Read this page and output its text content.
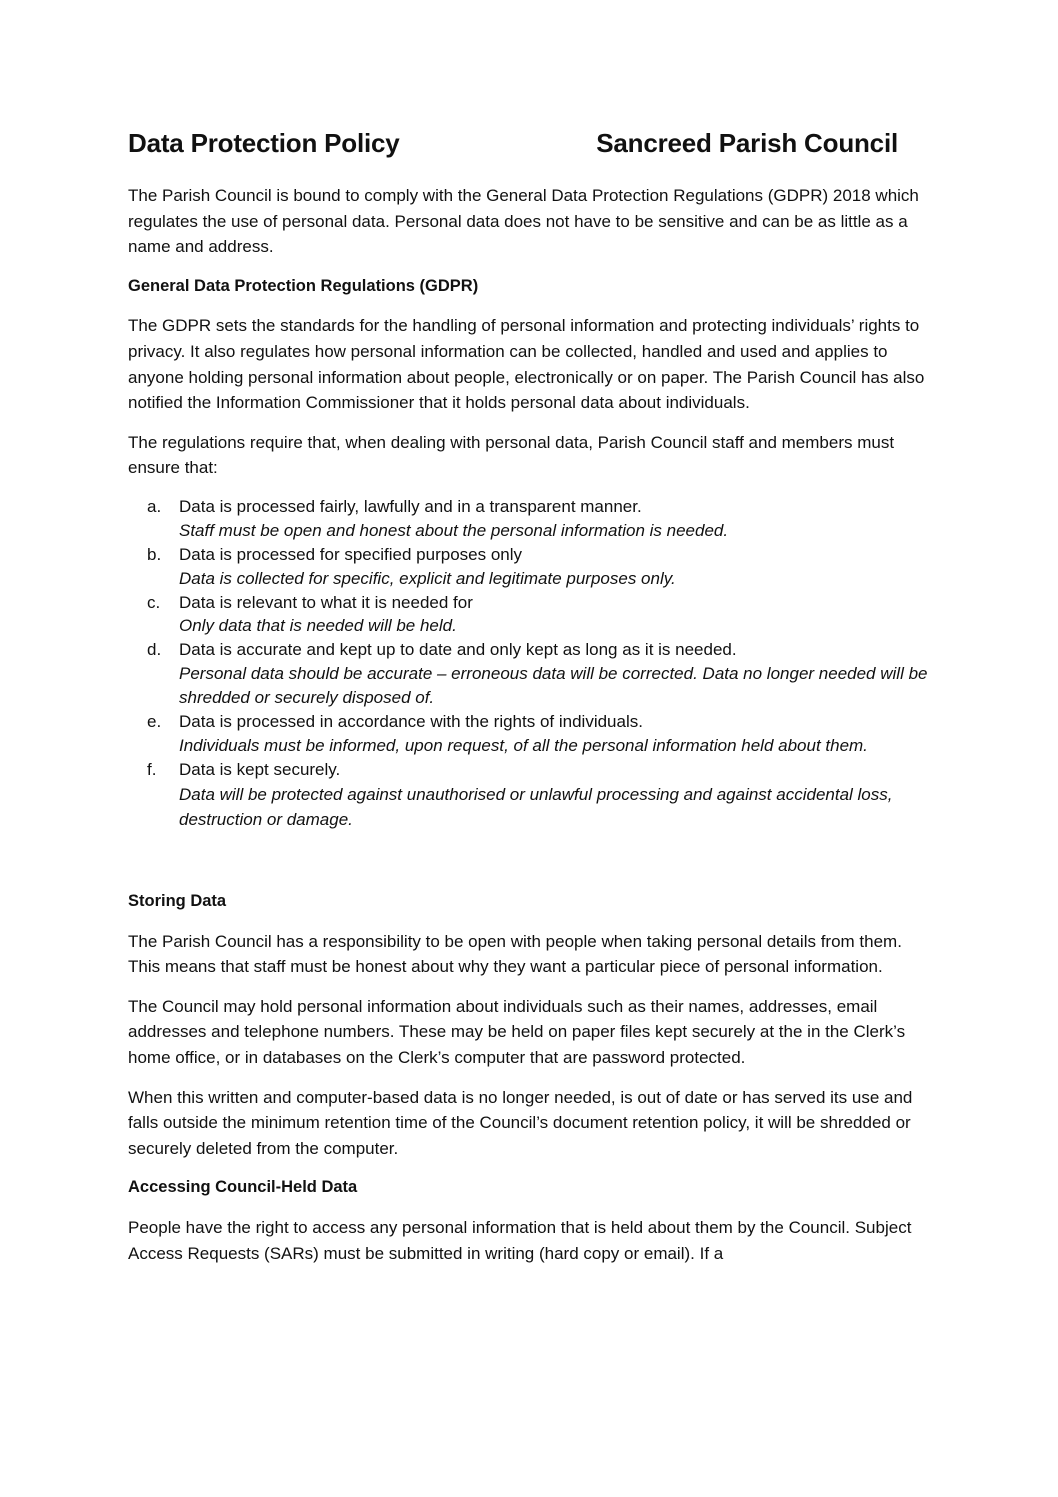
Data Protection Policy	Sancreed Parish Council

The Parish Council is bound to comply with the General Data Protection Regulations (GDPR) 2018 which regulates the use of personal data. Personal data does not have to be sensitive and can be as little as a name and address.

General Data Protection Regulations (GDPR)

The GDPR sets the standards for the handling of personal information and protecting individuals’ rights to privacy. It also regulates how personal information can be collected, handled and used and applies to anyone holding personal information about people, electronically or on paper. The Parish Council has also notified the Information Commissioner that it holds personal data about individuals.

The regulations require that, when dealing with personal data, Parish Council staff and members must ensure that:

a. Data is processed fairly, lawfully and in a transparent manner.
Staff must be open and honest about the personal information is needed.
b. Data is processed for specified purposes only
Data is collected for specific, explicit and legitimate purposes only.
c. Data is relevant to what it is needed for
Only data that is needed will be held.
d. Data is accurate and kept up to date and only kept as long as it is needed.
Personal data should be accurate – erroneous data will be corrected. Data no longer needed will be shredded or securely disposed of.
e. Data is processed in accordance with the rights of individuals.
Individuals must be informed, upon request, of all the personal information held about them.
f. Data is kept securely.
Data will be protected against unauthorised or unlawful processing and against accidental loss, destruction or damage.
Storing Data

The Parish Council has a responsibility to be open with people when taking personal details from them. This means that staff must be honest about why they want a particular piece of personal information.

The Council may hold personal information about individuals such as their names, addresses, email addresses and telephone numbers. These may be held on paper files kept securely at the in the Clerk’s home office, or in databases on the Clerk’s computer that are password protected.

When this written and computer-based data is no longer needed, is out of date or has served its use and falls outside the minimum retention time of the Council’s document retention policy, it will be shredded or securely deleted from the computer.

Accessing Council-Held Data

People have the right to access any personal information that is held about them by the Council. Subject Access Requests (SARs) must be submitted in writing (hard copy or email). If a
